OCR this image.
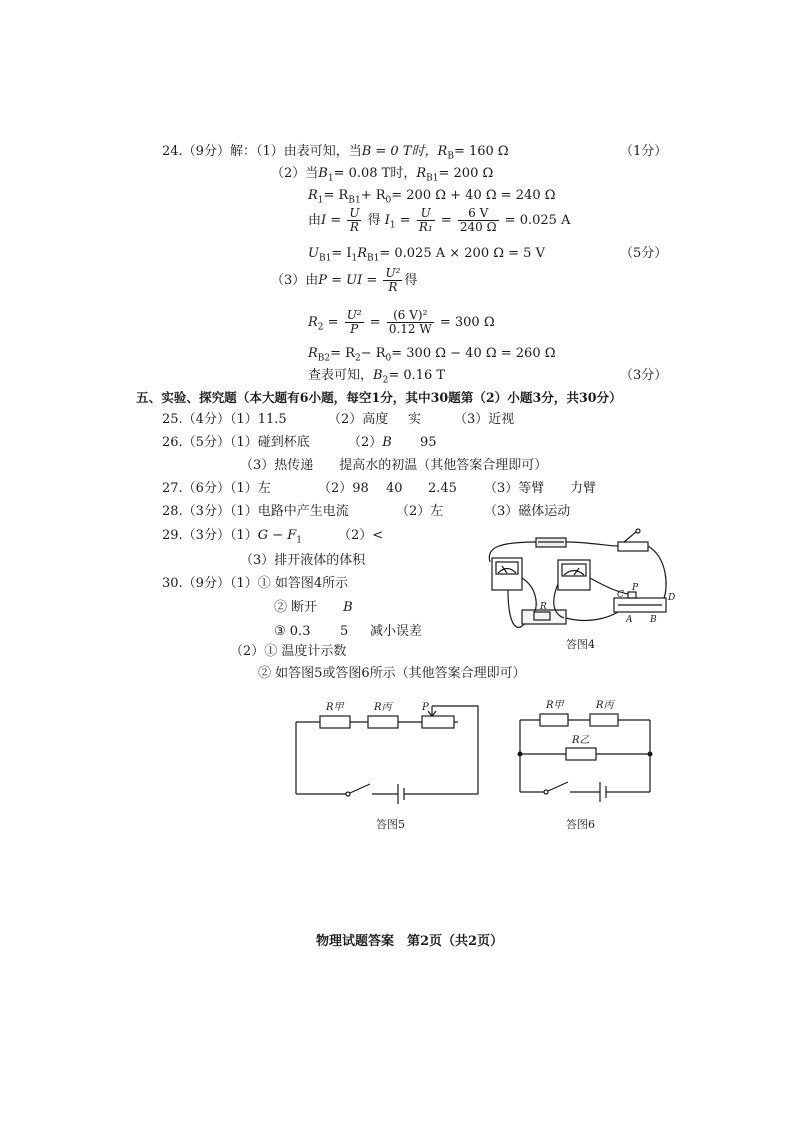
24.（9分）解：（1）由表可知，当B = 0 T时，$R_B= 160$ Ω	（1分）
（2）当$B_1= 0.08$ T时，$R_{B1}= 200$ Ω
$R_1= R_{B1}+ R_0= 200$ Ω + 40 Ω = 240 Ω
由$I = \frac{U}{R}$ 得 $I_1 = \frac{U}{\text{R₁}} = \frac{6 V}{240 \Omega} = 0.025$ A
$U_{B1}= I_1R_{B1}= 0.025$ A × 200 Ω = 5 V	（5分）
（3）由P = UI = $\frac{\text{U²}}{R}$ 得
$R_2 = \frac{\text{U²}}{P} = \frac{\text{(6 V)²}}{0.12 W} = 300$ Ω
$R_{B2}= R_2- R_0= 300$ Ω − 40 Ω = 260 Ω
查表可知，$B_2= 0.16$ T	（3分）
五、实验、探究题（本大题有6小题，每空1分，其中30题第（2）小题3分，共30分）
25.（4分）（1）11.5	（2）高度 实	（3）近视
26.（5分）（1）碰到杯底	（2）B 95
（3）热传递　　提高水的初温（其他答案合理即可）
27.（6分）（1）左	（2）98 40 2.45 （3）等臂 力臂
28.（3分）（1）电路中产生电流	（2）左	（3）磁体运动
29.（3分）$(1)G - F_1$	（2）<
（3）排开液体的体积
30.（9分）（1）① 如答图4所示
② 断开　　 B
③ 0.3 5 减小误差
（2）① 温度计示数
② 如答图5或答图6所示（其他答案合理即可）
C
P
D
A B
R
答图4
R甲	R丙	P
答图5
R甲	R丙
R乙
答图6
物理试题答案　第2页（共2页）
